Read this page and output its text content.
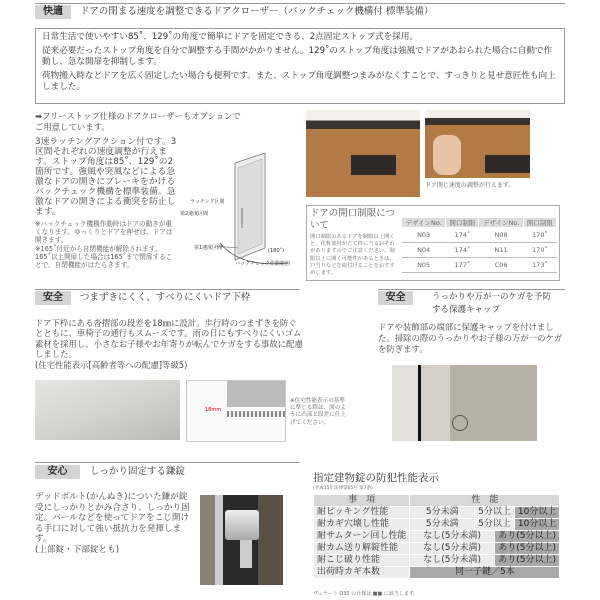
快適	ドアの閉まる速度を調整できるドアクローザー（バックチェック機構付 標準装備）

日常生活で使いやすい85˚、129˚の角度で簡単にドアを固定できる、2点固定ストップ式を採用。

従来必要だったストップ角度を自分で調整する手間がかかりません。129˚のストップ角度は強風でドアがあおられた場合に自動で作動し、急な開扉を抑制します。

荷物搬入時などドアを広く固定したい場合も便利です。また、ストップ角度調整つまみがなくすことで、すっきりと見せ意匠性も向上しました。

➡フリーストップ仕様のドアクローザーもオプションで　ご用意しています。

3速ラッチングアクション付です。3区間それぞれの速度調整が行えます。ストップ角度は85˚、129˚の2箇所です。強風や突風などによる急激なドアの開きにブレーキをかけるバックチェック機構を標準装備。急激なドアの開きによる衝突を防止します。

※バックチェック機構作動時はドアの動きが重くなります。ゆっくりとドアを押せば、ドアは開きます。

※165˚付近から自閉機能が解除されます。165˚以上開扉した場合は165˚まで閉扉することで、自閉機能がはたらきます。

ラッチング区間
第2速度区間
第1速度区間	(180˚)
バックチェック作動範囲
ドア閉じ速度の調整が行えます。

ドアの開口制限について

開口制限のあるドアを制限以上開くと、化粧部材がたて枠に当るおそれがありますのでご注意ください。制限以上に開く可能性があるときは、戸当りなどを取付けることをおすすめします。

デザインNo.	開口制限	デザインNo.	開口制限
N03	174˚	N08	170˚
N04	174˚	N11	170˚
N05	177˚	C06	173˚
安全	つまずきにくく、すべりにくいドア下枠

ドア下枠にある沓摺部の段差を18㎜に設計。歩行時のつまずきを防ぐとともに、車椅子の通行もスムーズです。雨の日にもすべりにくいゴム素材を採用し、小さなお子様やお年寄りが転んでケガをする事故に配慮しました。

(住宅性能表示[高齢者等への配慮]等級5)

18mm
※住宅性能表示の基準に準じる際は、図のように凸部と段差に仕上げてください。
安全	うっかりや万が一のケガを予防する保護キャップ
ドアや装飾部の端部に保護キャップを付けました。掃除の際のうっかりやお子様の万が一のケガを防ぎます。
安心	しっかり固定する鎌錠

デッドボルト(かんぬき)についた鎌が錠受にしっかりとかみ合さり、しっかり固定。バールなどを使ってドアをこじ開ける手口に対して強い抵抗力を発揮します。

(上部錠・下部錠とも)

指定建物錠の防犯性能表示
(平成15年法律第65号 第7条)
事　項	性　能			
耐ピッキング性能	5分未満	5分以上		10分以上
耐カギ穴壊し性能	5分未満	5分以上		10分以上
耐サムターン回し性能	なし(5分未満)		あり(5分以上)	
耐カム送り解錠性能	なし(5分未満)		あり(5分以上)	
耐こじ破り性能	なし(5分未満)		あり(5分以上)	
出荷時カギ本数	同一子鍵／5本			
ヴェナート D30 の仕様は ■■ に該当します。
